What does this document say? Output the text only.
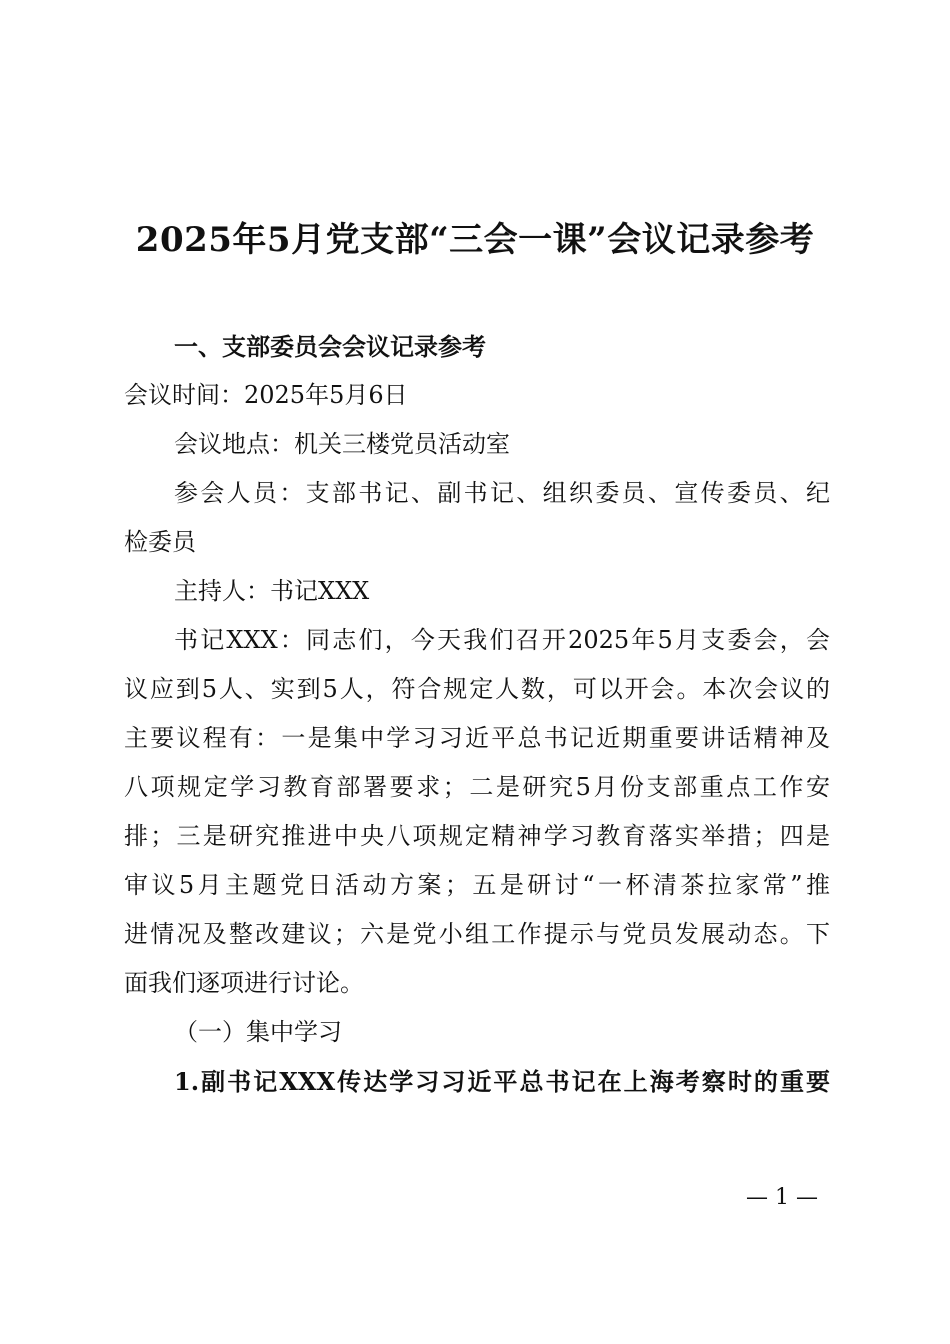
2025年5月党支部“三会一课”会议记录参考

一、支部委员会会议记录参考

会议时间：2025年5月6日

会议地点：机关三楼党员活动室

参会人员：支部书记、副书记、组织委员、宣传委员、纪

检委员

主持人：书记XXX

书记XXX：同志们，今天我们召开2025年5月支委会，会

议应到5人、实到5人，符合规定人数，可以开会。本次会议的

主要议程有：一是集中学习习近平总书记近期重要讲话精神及

八项规定学习教育部署要求；二是研究5月份支部重点工作安

排；三是研究推进中央八项规定精神学习教育落实举措；四是

审议5月主题党日活动方案；五是研讨“一杯清茶拉家常”推

进情况及整改建议；六是党小组工作提示与党员发展动态。下

面我们逐项进行讨论。

（一）集中学习

1.副书记XXX传达学习习近平总书记在上海考察时的重要

— 1 —
